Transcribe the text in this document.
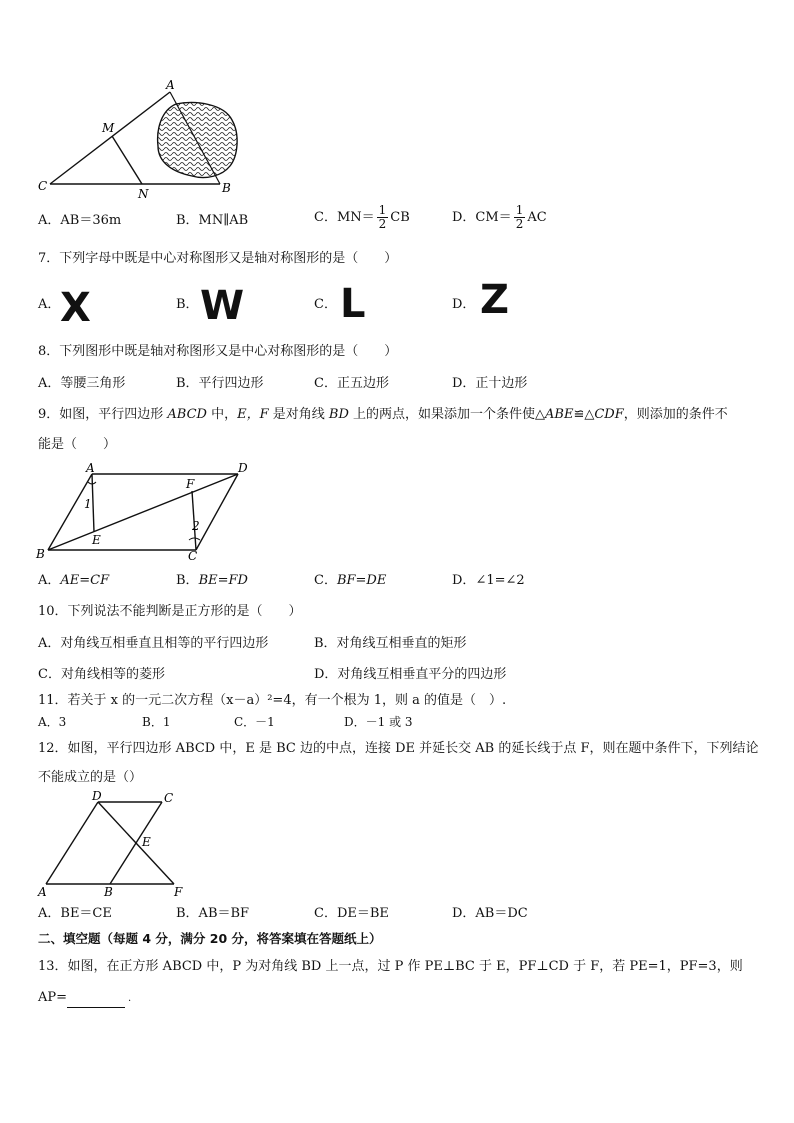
A
M
C
N	B
A．AB＝36m	B．MN∥AB	C．$MN= \frac{1}{2}$ CB	D．$CM= \frac{1}{2}$ AC
7．下列字母中既是中心对称图形又是轴对称图形的是（　　）
A． X	B． W	C． L	D． Z
8．下列图形中既是轴对称图形又是中心对称图形的是（　　）
A．等腰三角形	B．平行四边形	C．正五边形	D．正十边形
9．如图，平行四边形 ABCD 中，E，F 是对角线 BD 上的两点，如果添加一个条件使△ABE≌△CDF，则添加的条件不
能是（　　）
A	D
F
1
2
B
E
C
A．AE=CF	B．BE=FD	C．BF=DE	D．∠1=∠2
10．下列说法不能判断是正方形的是（　　）
A．对角线互相垂直且相等的平行四边形	B．对角线互相垂直的矩形
C．对角线相等的菱形	D．对角线互相垂直平分的四边形
11．若关于 x 的一元二次方程（x－a）²=4，有一个根为 1，则 a 的值是（　）.
A．3	B．1	C．－1	D．－1 或 3
12．如图，平行四边形 ABCD 中，E 是 BC 边的中点，连接 DE 并延长交 AB 的延长线于点 F，则在题中条件下，下列结论
不能成立的是（）
D	C
E
A	B	F
A．BE＝CE	B．AB＝BF	C．DE＝BE	D．AB＝DC
二、填空题（每题 4 分，满分 20 分，将答案填在答题纸上）
13．如图，在正方形 ABCD 中，P 为对角线 BD 上一点，过 P 作 PE⊥BC 于 E，PF⊥CD 于 F，若 PE=1，PF=3，则
AP=	.
